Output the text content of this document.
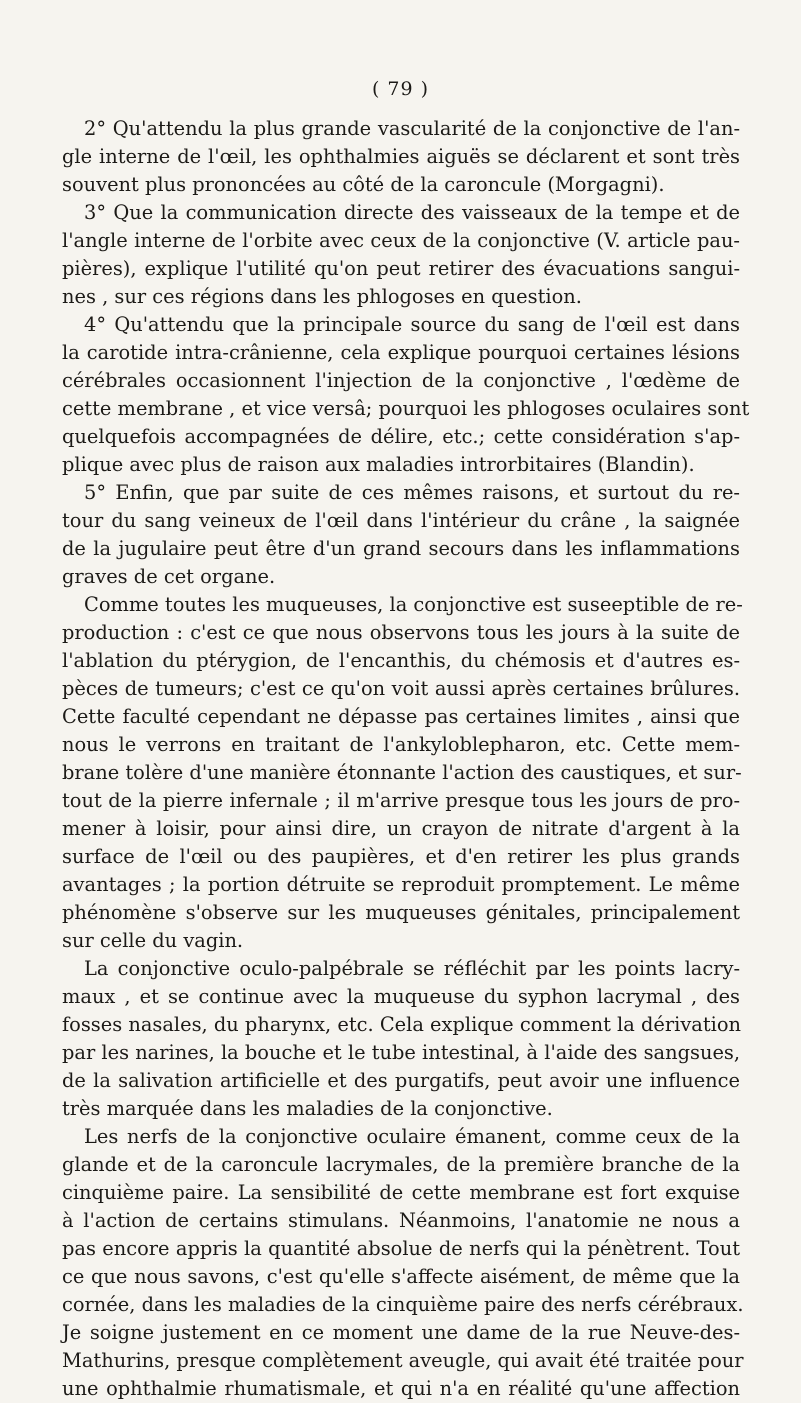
( 79 )
2° Qu'attendu la plus grande vascularité de la conjonctive de l'an-
gle interne de l'œil, les ophthalmies aiguës se déclarent et sont très
souvent plus prononcées au côté de la caroncule (Morgagni).
3° Que la communication directe des vaisseaux de la tempe et de
l'angle interne de l'orbite avec ceux de la conjonctive (V. article pau-
pières), explique l'utilité qu'on peut retirer des évacuations sangui-
nes , sur ces régions dans les phlogoses en question.
4° Qu'attendu que la principale source du sang de l'œil est dans
la carotide intra-crânienne, cela explique pourquoi certaines lésions
cérébrales occasionnent l'injection de la conjonctive , l'œdème de
cette membrane , et vice versâ; pourquoi les phlogoses oculaires sont
quelquefois accompagnées de délire, etc.; cette considération s'ap-
plique avec plus de raison aux maladies introrbitaires (Blandin).
5° Enfin, que par suite de ces mêmes raisons, et surtout du re-
tour du sang veineux de l'œil dans l'intérieur du crâne , la saignée
de la jugulaire peut être d'un grand secours dans les inflammations
graves de cet organe.
Comme toutes les muqueuses, la conjonctive est suseeptible de re-
production : c'est ce que nous observons tous les jours à la suite de
l'ablation du ptérygion, de l'encanthis, du chémosis et d'autres es-
pèces de tumeurs; c'est ce qu'on voit aussi après certaines brûlures.
Cette faculté cependant ne dépasse pas certaines limites , ainsi que
nous le verrons en traitant de l'ankyloblepharon, etc. Cette mem-
brane tolère d'une manière étonnante l'action des caustiques, et sur-
tout de la pierre infernale ; il m'arrive presque tous les jours de pro-
mener à loisir, pour ainsi dire, un crayon de nitrate d'argent à la
surface de l'œil ou des paupières, et d'en retirer les plus grands
avantages ; la portion détruite se reproduit promptement. Le même
phénomène s'observe sur les muqueuses génitales, principalement
sur celle du vagin.
La conjonctive oculo-palpébrale se réfléchit par les points lacry-
maux , et se continue avec la muqueuse du syphon lacrymal , des
fosses nasales, du pharynx, etc. Cela explique comment la dérivation
par les narines, la bouche et le tube intestinal, à l'aide des sangsues,
de la salivation artificielle et des purgatifs, peut avoir une influence
très marquée dans les maladies de la conjonctive.
Les nerfs de la conjonctive oculaire émanent, comme ceux de la
glande et de la caroncule lacrymales, de la première branche de la
cinquième paire. La sensibilité de cette membrane est fort exquise
à l'action de certains stimulans. Néanmoins, l'anatomie ne nous a
pas encore appris la quantité absolue de nerfs qui la pénètrent. Tout
ce que nous savons, c'est qu'elle s'affecte aisément, de même que la
cornée, dans les maladies de la cinquième paire des nerfs cérébraux.
Je soigne justement en ce moment une dame de la rue Neuve-des-
Mathurins, presque complètement aveugle, qui avait été traitée pour
une ophthalmie rhumatismale, et qui n'a en réalité qu'une affection
